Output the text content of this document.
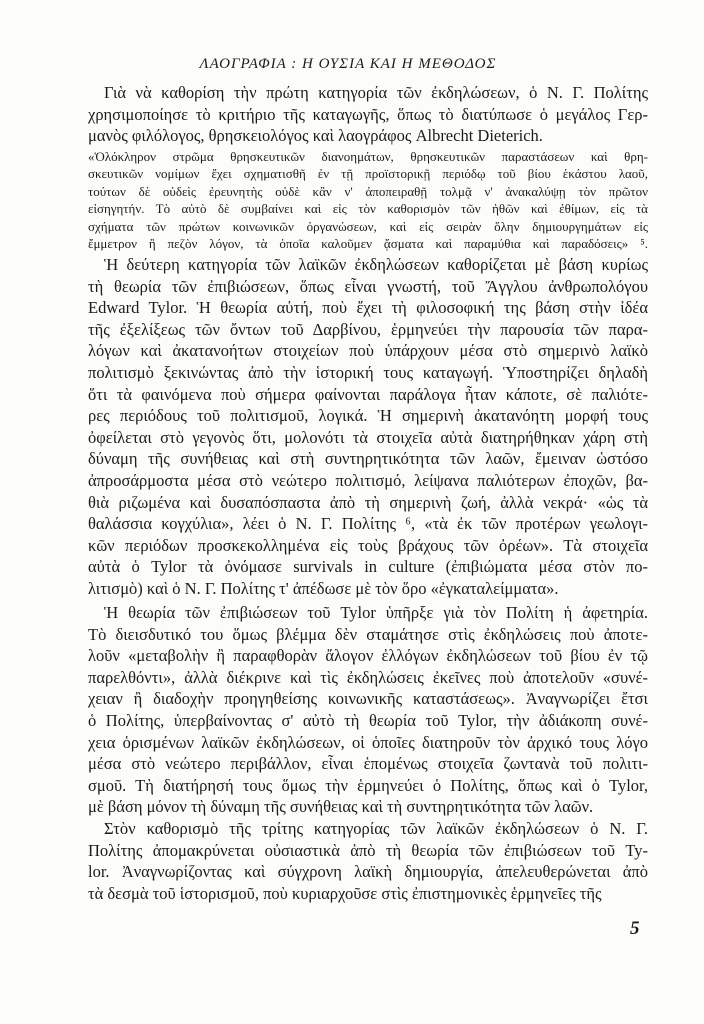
ΛΑΟΓΡΑΦΙΑ : Η ΟΥΣΙΑ ΚΑΙ Η ΜΕΘΟΔΟΣ
Γιὰ νὰ καθορίση τὴν πρώτη κατηγορία τῶν ἐκδηλώσεων, ὁ Ν. Γ. Πολίτης
χρησιμοποίησε τὸ κριτήριο τῆς καταγωγῆς, ὅπως τὸ διατύπωσε ὁ μεγάλος Γερ-
μανὸς φιλόλογος, θρησκειολόγος καὶ λαογράφος Albrecht Dieterich.
«Ὁλόκληρον στρῶμα θρησκευτικῶν διανοημάτων, θρησκευτικῶν παραστάσεων καὶ θρη-
σκευτικῶν νομίμων ἔχει σχηματισθῆ ἐν τῇ προϊστορικῇ περιόδῳ τοῦ βίου ἑκάστου λαοῦ,
τούτων δὲ οὐδεὶς ἐρευνητὴς οὐδὲ κἂν ν' ἀποπειραθῇ τολμᾷ ν' ἀνακαλύψῃ τὸν πρῶτον
εἰσηγητήν. Τὸ αὐτὸ δὲ συμβαίνει καὶ εἰς τὸν καθορισμὸν τῶν ἠθῶν καὶ ἐθίμων, εἰς τὰ
σχήματα τῶν πρώτων κοινωνικῶν ὀργανώσεων, καὶ εἰς σειρὰν ὅλην δημιουργημάτων εἰς
ἔμμετρον ἢ πεζὸν λόγον, τὰ ὁποῖα καλοῦμεν ᾄσματα καὶ παραμύθια καὶ παραδόσεις» ⁵.
Ἡ δεύτερη κατηγορία τῶν λαϊκῶν ἐκδηλώσεων καθορίζεται μὲ βάση κυρίως
τὴ θεωρία τῶν ἐπιβιώσεων, ὅπως εἶναι γνωστή, τοῦ Ἄγγλου ἀνθρωπολόγου
Edward Tylor. Ἡ θεωρία αὐτή, ποὺ ἔχει τὴ φιλοσοφική της βάση στὴν ἰδέα
τῆς ἐξελίξεως τῶν ὄντων τοῦ Δαρβίνου, ἑρμηνεύει τὴν παρουσία τῶν παρα-
λόγων καὶ ἀκατανοήτων στοιχείων ποὺ ὑπάρχουν μέσα στὸ σημερινὸ λαϊκὸ
πολιτισμὸ ξεκινώντας ἀπὸ τὴν ἱστορική τους καταγωγή. Ὑποστηρίζει δηλαδὴ
ὅτι τὰ φαινόμενα ποὺ σήμερα φαίνονται παράλογα ἦταν κάποτε, σὲ παλιότε-
ρες περιόδους τοῦ πολιτισμοῦ, λογικά. Ἡ σημερινὴ ἀκατανόητη μορφή τους
ὀφείλεται στὸ γεγονὸς ὅτι, μολονότι τὰ στοιχεῖα αὐτὰ διατηρήθηκαν χάρη στὴ
δύναμη τῆς συνήθειας καὶ στὴ συντηρητικότητα τῶν λαῶν, ἔμειναν ὡστόσο
ἀπροσάρμοστα μέσα στὸ νεώτερο πολιτισμό, λείψανα παλιότερων ἐποχῶν, βα-
θιὰ ριζωμένα καὶ δυσαπόσπαστα ἀπὸ τὴ σημερινὴ ζωή, ἀλλὰ νεκρά· «ὡς τὰ
θαλάσσια κογχύλια», λέει ὁ Ν. Γ. Πολίτης ⁶, «τὰ ἐκ τῶν προτέρων γεωλογι-
κῶν περιόδων προσκεκολλημένα εἰς τοὺς βράχους τῶν ὀρέων». Τὰ στοιχεῖα
αὐτὰ ὁ Tylor τὰ ὀνόμασε survivals in culture (ἐπιβιώματα μέσα στὸν πο-
λιτισμὸ) καὶ ὁ Ν. Γ. Πολίτης τ' ἀπέδωσε μὲ τὸν ὅρο «ἐγκαταλείμματα».
Ἡ θεωρία τῶν ἐπιβιώσεων τοῦ Tylor ὑπῆρξε γιὰ τὸν Πολίτη ἡ ἀφετηρία.
Τὸ διεισδυτικό του ὅμως βλέμμα δὲν σταμάτησε στὶς ἐκδηλώσεις ποὺ ἀποτε-
λοῦν «μεταβολὴν ἢ παραφθορὰν ἄλογον ἐλλόγων ἐκδηλώσεων τοῦ βίου ἐν τῷ
παρελθόντι», ἀλλὰ διέκρινε καὶ τὶς ἐκδηλώσεις ἐκεῖνες ποὺ ἀποτελοῦν «συνέ-
χειαν ἢ διαδοχὴν προηγηθείσης κοινωνικῆς καταστάσεως». Ἀναγνωρίζει ἔτσι
ὁ Πολίτης, ὑπερβαίνοντας σ' αὐτὸ τὴ θεωρία τοῦ Tylor, τὴν ἀδιάκοπη συνέ-
χεια ὁρισμένων λαϊκῶν ἐκδηλώσεων, οἱ ὁποῖες διατηροῦν τὸν ἀρχικό τους λόγο
μέσα στὸ νεώτερο περιβάλλον, εἶναι ἑπομένως στοιχεῖα ζωντανὰ τοῦ πολιτι-
σμοῦ. Τὴ διατήρησή τους ὅμως τὴν ἑρμηνεύει ὁ Πολίτης, ὅπως καὶ ὁ Tylor,
μὲ βάση μόνον τὴ δύναμη τῆς συνήθειας καὶ τὴ συντηρητικότητα τῶν λαῶν.
Στὸν καθορισμὸ τῆς τρίτης κατηγορίας τῶν λαϊκῶν ἐκδηλώσεων ὁ Ν. Γ.
Πολίτης ἀπομακρύνεται οὐσιαστικὰ ἀπὸ τὴ θεωρία τῶν ἐπιβιώσεων τοῦ Ty-
lor. Ἀναγνωρίζοντας καὶ σύγχρονη λαϊκὴ δημιουργία, ἀπελευθερώνεται ἀπὸ
τὰ δεσμὰ τοῦ ἱστορισμοῦ, ποὺ κυριαρχοῦσε στὶς ἐπιστημονικὲς ἑρμηνεῖες τῆς
5
